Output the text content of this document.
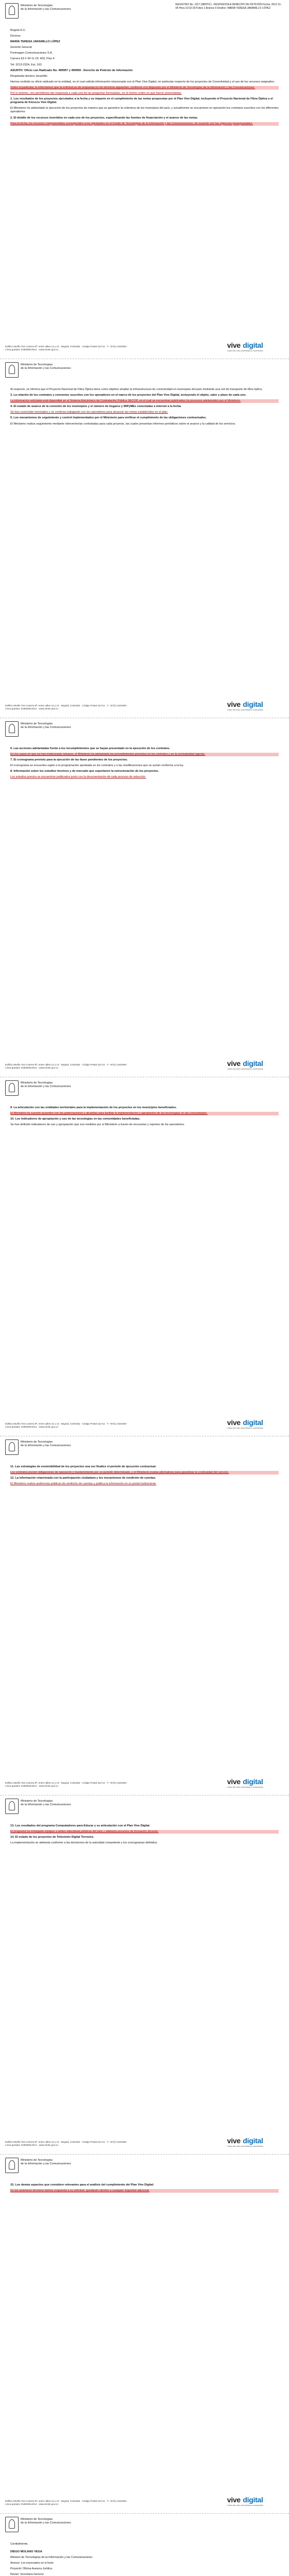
Ministerio de Tecnologías
de la Información y las Comunicaciones
REGISTRO No. 1317 (MINTIC) - RESPUESTA A DERECHO DE PETICIÓN Fecha: 2012-11-05 Hora 10:32:18 Folios 1 Anexos 0 Destino: MARÍA TERESA JARAMILLO LÓPEZ

Bogotá D.C.

Doctora

MARÍA TERESA JARAMILLO LÓPEZ

Gerente General

Preimagen Comunicaciones S.A.

Carrera 63 # 42-11 Of. 403, Piso 4

Tel: 3213-2324, Ext. 163

ASUNTO: Oficio con Radicado No. 490957 y 490969 - Derecho de Petición de Información

Respetada doctora Jaramillo:

Hemos recibido su oficio radicado en la entidad, en el cual solicita información relacionada con el Plan Vive Digital, en particular respecto de los proyectos de Conectividad y el uso de los recursos asignados.

Sobre el particular, le informamos que la solicitud se da respuesta en los términos siguientes, conforme a lo dispuesto por el Ministerio de Tecnologías de la Información y las Comunicaciones.

Por lo anterior, nos permitimos dar respuesta a cada una de las preguntas formuladas, en el mismo orden en que fueron presentadas:

1. Los resultados de los proyectos ejecutados a la fecha y su impacto en el cumplimiento de las metas propuestas por el Plan Vive Digital, incluyendo el Proyecto Nacional de Fibra Óptica y el programa de Kioscos Vive Digital.

El Ministerio ha adelantado la ejecución de los proyectos de manera que se garantice la cobertura de los municipios del país, y actualmente se encuentran en operación los contratos suscritos con los diferentes operadores.

2. El detalle de los recursos invertidos en cada uno de los proyectos, especificando las fuentes de financiación y el avance de las metas.

Para la fecha, los recursos comprometidos corresponden a los aprobados en el Fondo de Tecnologías de la Información y las Comunicaciones, de acuerdo con las vigencias presupuestales.

Edificio Murillo Toro Carrera 8ª, entre calles 12 y 13 · Bogotá, Colombia · Código Postal 111711 · T: +57(1) 3443460 · Línea gratuita: 018000914014 · www.mintic.gov.co
vive digital
Cada día más colombianos conectados
Ministerio de Tecnologías
de la Información y las Comunicaciones

Al respecto, se informa que el Proyecto Nacional de Fibra Óptica tiene como objetivo ampliar la infraestructura de conectividad en municipios del país mediante una red de transporte de fibra óptica.

3. La relación de los contratos y convenios suscritos con los operadores en el marco de los proyectos del Plan Vive Digital, incluyendo el objeto, valor y plazo de cada uno.

La información solicitada está disponible en el Sistema Electrónico de Contratación Pública SECOP, en el cual se encuentran publicados los procesos adelantados por el Ministerio.

4. El estado de avance de la conexión de los municipios y el número de hogares y MiPyMEs conectadas a internet a la fecha.

Se han conectado municipios y se continúa trabajando con los operadores para alcanzar las metas establecidas en el plan.

5. Los mecanismos de seguimiento y control implementados por el Ministerio para verificar el cumplimiento de las obligaciones contractuales.

El Ministerio realiza seguimiento mediante interventorías contratadas para cada proyecto, las cuales presentan informes periódicos sobre el avance y la calidad de los servicios.

Edificio Murillo Toro Carrera 8ª, entre calles 12 y 13 · Bogotá, Colombia · Código Postal 111711 · T: +57(1) 3443460 · Línea gratuita: 018000914014 · www.mintic.gov.co
vive digital
Cada día más colombianos conectados
Ministerio de Tecnologías
de la Información y las Comunicaciones

6. Las acciones adelantadas frente a los incumplimientos que se hayan presentado en la ejecución de los contratos.

En los casos en que se han evidenciado retrasos, el Ministerio ha adelantado los procedimientos previstos en los contratos y en la normatividad vigente.

7. El cronograma previsto para la ejecución de las fases pendientes de los proyectos.

El cronograma se encuentra sujeto a la programación aprobada en los contratos y a las modificaciones que se surtan conforme a la ley.

8. Información sobre los estudios técnicos y de mercado que soportaron la estructuración de los proyectos.

Los estudios previos se encuentran publicados junto con la documentación de cada proceso de selección.

Edificio Murillo Toro Carrera 8ª, entre calles 12 y 13 · Bogotá, Colombia · Código Postal 111711 · T: +57(1) 3443460 · Línea gratuita: 018000914014 · www.mintic.gov.co
vive digital
Cada día más colombianos conectados
Ministerio de Tecnologías
de la Información y las Comunicaciones

9. La articulación con las entidades territoriales para la implementación de los proyectos en los municipios beneficiados.

El Ministerio ha suscrito acuerdos con las gobernaciones y alcaldías para facilitar la implementación y apropiación de las tecnologías en las comunidades.

10. Los indicadores de apropiación y uso de las tecnologías en las comunidades beneficiadas.

Se han definido indicadores de uso y apropiación que son medidos por el Ministerio a través de encuestas y reportes de los operadores.

Edificio Murillo Toro Carrera 8ª, entre calles 12 y 13 · Bogotá, Colombia · Código Postal 111711 · T: +57(1) 3443460 · Línea gratuita: 018000914014 · www.mintic.gov.co
vive digital
Cada día más colombianos conectados
Ministerio de Tecnologías
de la Información y las Comunicaciones

11. Las estrategias de sostenibilidad de los proyectos una vez finalice el periodo de ejecución contractual.

Los contratos prevén obligaciones de operación y mantenimiento por un periodo determinado, y el Ministerio evalúa alternativas para garantizar la continuidad del servicio.

12. La información relacionada con la participación ciudadana y los mecanismos de rendición de cuentas.

El Ministerio realiza audiencias públicas de rendición de cuentas y publica la información en su portal institucional.

Edificio Murillo Toro Carrera 8ª, entre calles 12 y 13 · Bogotá, Colombia · Código Postal 111711 · T: +57(1) 3443460 · Línea gratuita: 018000914014 · www.mintic.gov.co
vive digital
Cada día más colombianos conectados
Ministerio de Tecnologías
de la Información y las Comunicaciones

13. Los resultados del programa Computadores para Educar y su articulación con el Plan Vive Digital.

El programa ha entregado equipos a sedes educativas públicas del país y adelanta procesos de formación docente.

14. El estado de los proyectos de Televisión Digital Terrestre.

La implementación se adelanta conforme a las decisiones de la autoridad competente y los cronogramas definidos.

Edificio Murillo Toro Carrera 8ª, entre calles 12 y 13 · Bogotá, Colombia · Código Postal 111711 · T: +57(1) 3443460 · Línea gratuita: 018000914014 · www.mintic.gov.co
vive digital
Cada día más colombianos conectados
Ministerio de Tecnologías
de la Información y las Comunicaciones

15. Los demás aspectos que considere relevantes para el análisis del cumplimiento del Plan Vive Digital.

En los anteriores términos damos respuesta a su solicitud, quedando atentos a cualquier inquietud adicional.

Edificio Murillo Toro Carrera 8ª, entre calles 12 y 13 · Bogotá, Colombia · Código Postal 111711 · T: +57(1) 3443460 · Línea gratuita: 018000914014 · www.mintic.gov.co
vive digital
Cada día más colombianos conectados
Ministerio de Tecnologías
de la Información y las Comunicaciones

Cordialmente,

DIEGO MOLANO VEGA

Ministro de Tecnologías de la Información y las Comunicaciones

Anexos: Los enunciados en el texto

Proyectó: Oficina Asesora Jurídica

Revisó: Secretaría General
